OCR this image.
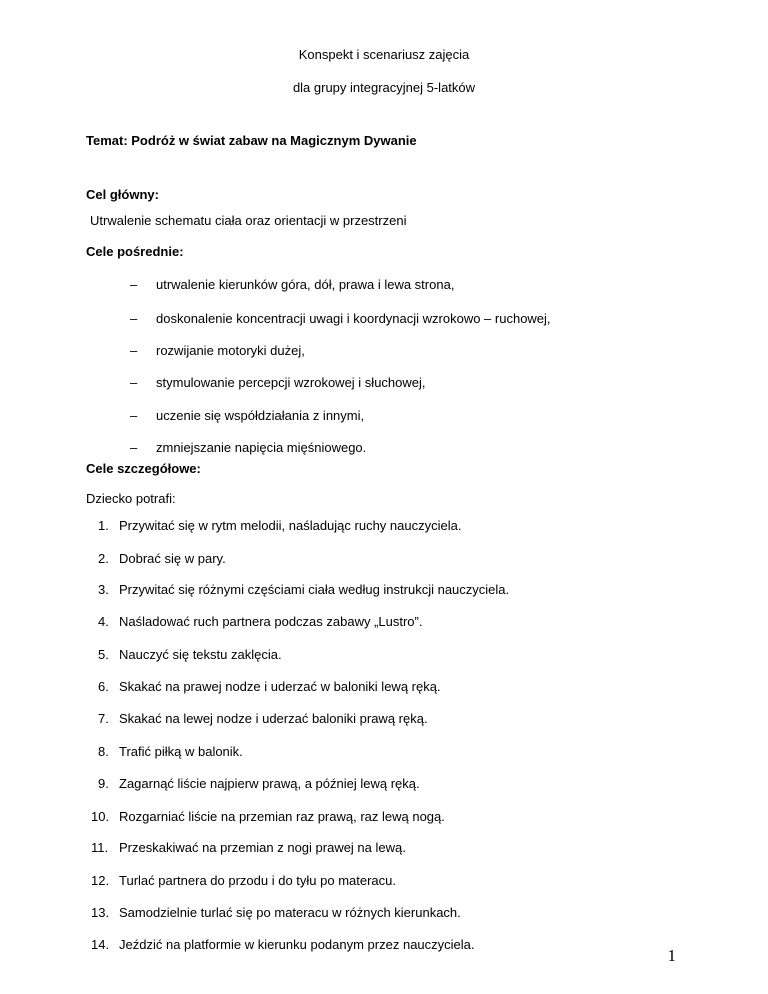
Konspekt i scenariusz zajęcia
dla grupy integracyjnej 5-latków
Temat: Podróż w świat zabaw na Magicznym Dywanie
Cel główny:
Utrwalenie schematu ciała oraz orientacji w przestrzeni
Cele pośrednie:
– utrwalenie kierunków góra, dół, prawa i lewa strona,
– doskonalenie koncentracji uwagi i koordynacji wzrokowo – ruchowej,
– rozwijanie motoryki dużej,
– stymulowanie percepcji wzrokowej i słuchowej,
– uczenie się współdziałania z innymi,
– zmniejszanie napięcia mięśniowego.
Cele szczegółowe:
Dziecko potrafi:
1. Przywitać się w rytm melodii, naśladując ruchy nauczyciela.
2. Dobrać się w pary.
3. Przywitać się różnymi częściami ciała według instrukcji nauczyciela.
4. Naśladować ruch partnera podczas zabawy „Lustro”.
5. Nauczyć się tekstu zaklęcia.
6. Skakać na prawej nodze i uderzać w baloniki lewą ręką.
7. Skakać na lewej nodze i uderzać baloniki prawą ręką.
8. Trafić piłką w balonik.
9. Zagarnąć liście najpierw prawą, a później lewą ręką.
10. Rozgarniać liście na przemian raz prawą, raz lewą nogą.
11. Przeskakiwać na przemian z nogi prawej na lewą.
12. Turlać partnera do przodu i do tyłu po materacu.
13. Samodzielnie turlać się po materacu w różnych kierunkach.
14. Jeździć na platformie w kierunku podanym przez nauczyciela.
1
